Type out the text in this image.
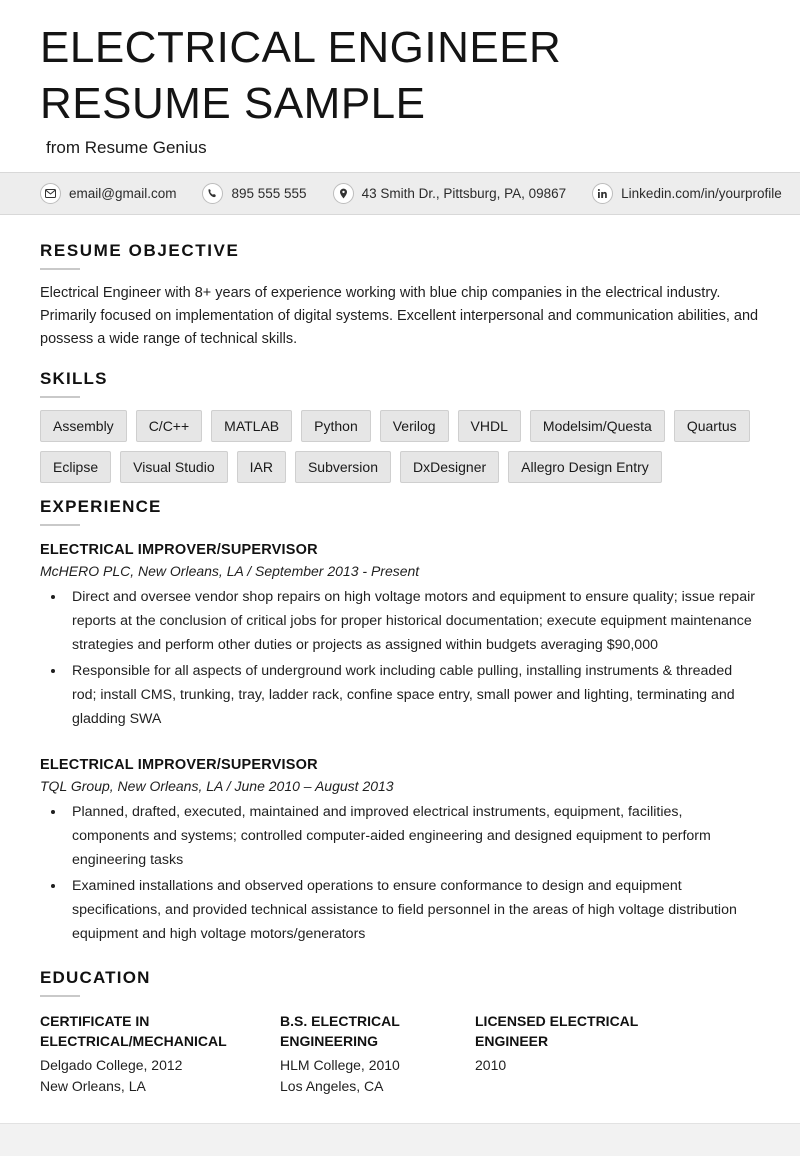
ELECTRICAL ENGINEER RESUME SAMPLE
from Resume Genius
email@gmail.com	895 555 555	43 Smith Dr., Pittsburg, PA, 09867	Linkedin.com/in/yourprofile
RESUME OBJECTIVE
Electrical Engineer with 8+ years of experience working with blue chip companies in the electrical industry. Primarily focused on implementation of digital systems. Excellent interpersonal and communication abilities, and possess a wide range of technical skills.
SKILLS
Assembly	C/C++	MATLAB	Python	Verilog	VHDL	Modelsim/Questa	Quartus
Eclipse	Visual Studio	IAR	Subversion	DxDesigner	Allegro Design Entry
EXPERIENCE
ELECTRICAL IMPROVER/SUPERVISOR
McHERO PLC, New Orleans, LA / September 2013 - Present
• Direct and oversee vendor shop repairs on high voltage motors and equipment to ensure quality; issue repair reports at the conclusion of critical jobs for proper historical documentation; execute equipment maintenance strategies and perform other duties or projects as assigned within budgets averaging $90,000
• Responsible for all aspects of underground work including cable pulling, installing instruments & threaded rod; install CMS, trunking, tray, ladder rack, confine space entry, small power and lighting, terminating and gladding SWA
ELECTRICAL IMPROVER/SUPERVISOR
TQL Group, New Orleans, LA / June 2010 – August 2013
• Planned, drafted, executed, maintained and improved electrical instruments, equipment, facilities, components and systems; controlled computer-aided engineering and designed equipment to perform engineering tasks
• Examined installations and observed operations to ensure conformance to design and equipment specifications, and provided technical assistance to field personnel in the areas of high voltage distribution equipment and high voltage motors/generators
EDUCATION
CERTIFICATE IN ELECTRICAL/MECHANICAL
Delgado College, 2012
New Orleans, LA
B.S. ELECTRICAL ENGINEERING
HLM College, 2010
Los Angeles, CA
LICENSED ELECTRICAL ENGINEER
2010
